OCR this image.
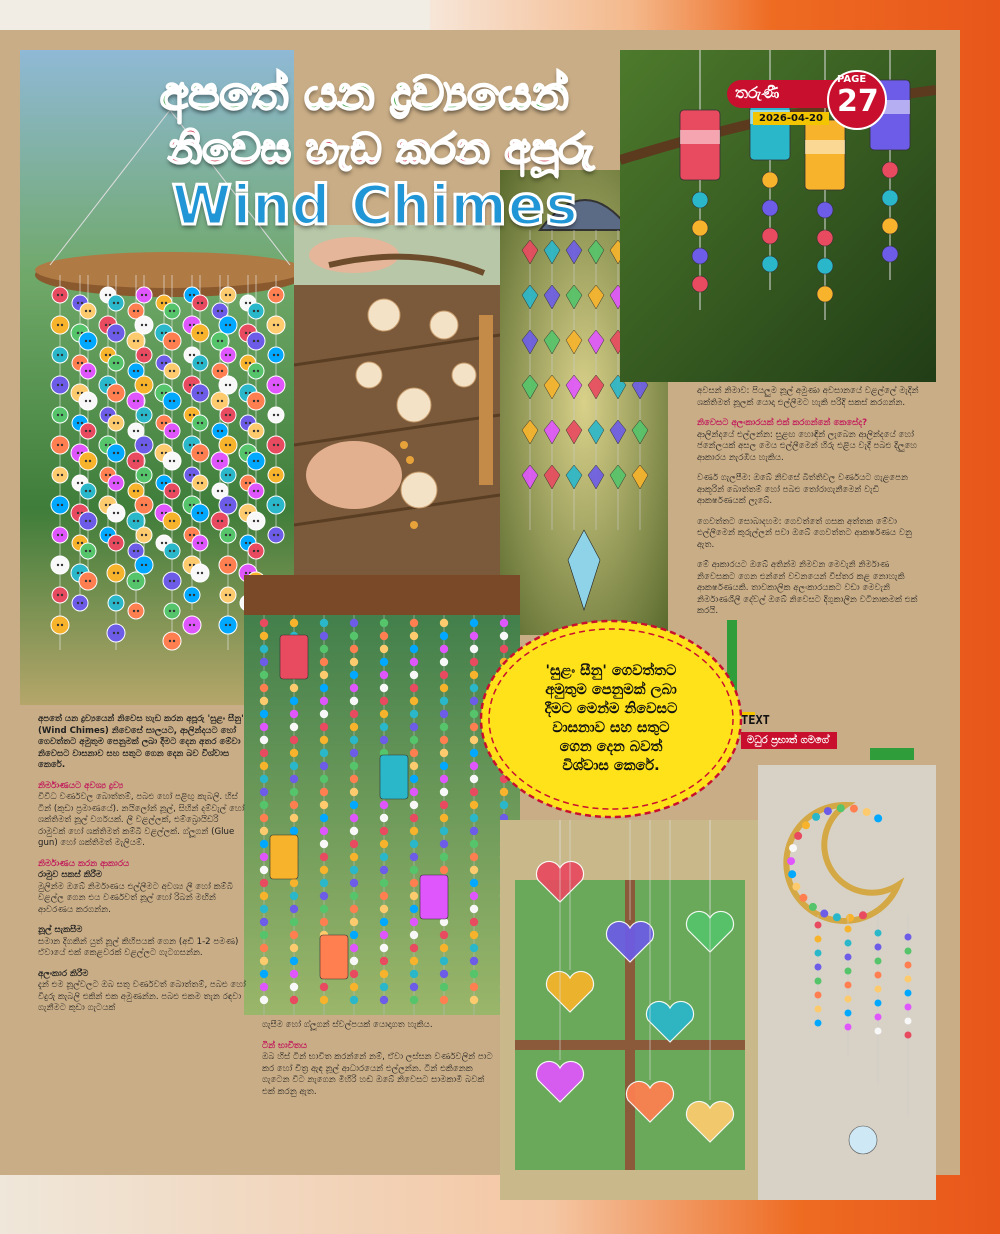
අපතේ යන ද්‍රව්‍යයෙන්
නිවෙස හැඩ කරන අපූරු
Wind Chimes
තරුණී
PAGE
27
2026-04-20

අපතේ යන ද්‍රව්‍යයෙන් නිවෙස හැඩ කරන අපූරු 'සුළං සීනු' (Wind Chimes) නිවෙසේ සාලයට, ආලින්දයට හෝ ගෙවත්තට අමුතුම පෙනුමක් ලබා දීමට දෙන අතර මේවා නිවෙසට වාසනාව සහ සතුට ගෙන දෙන බව විශ්වාස කෙරේ.

නිර්මාණයට අවශ්‍ය ද්‍රව්‍ය

විවිධ වර්ණවල බොත්තම්, පබළු හෝ පළිඟු කැබලි. හිස් ටින් (කුඩා ප්‍රමාණයේ). නයිලෝන් නූල්, සිහින් දම්වැල් හෝ ශක්තිමත් නූල් වර්ගයක්. ලී වළල්ලක්, එම්බ්‍රොයිඩරි රාමුවක් හෝ ශක්තිමත් කම්බි වළල්ලක්. ග්ලූගන් (Glue gun) හෝ ශක්තිමත් මැලියම්.

නිර්මාණය කරන ආකාරය
රාමුව සකස් කිරීම

මුලින්ම ඔබේ නිර්මාණය එල්ලීමට අවශ්‍ය ලී හෝ කම්බි වළල්ල ගෙන එය වර්ණවත් නූල් හෝ රිබන් මඟින් ආවරණය කරගන්න.

නූල් සැකසීම

සමාන දිගකින් යුත් නූල් කිහිපයක් ගෙන (අඩි 1-2 පමණ) ඒවායේ එක් කෙළවරක් වළල්ලට ගැටගසන්න.

අලංකාර කිරීම

දැන් එම නූල්වලට ඔබ සතු වර්ණවත් බොත්තම්, පබළු හෝ වීදුරු කැබලි එකින් එක අමුණන්න. පබළු එකම තැන රඳවා ගැනීමට කුඩා ගැටයක්

ගැසීම හෝ ග්ලූගන් ස්වල්පයක් යොදාගත හැකිය.

ටින් භාවිතය

ඔබ හිස් ටින් භාවිත කරන්නේ නම්, ඒවා ලස්සන වර්ණවලින් පාට කර හෝ චිත්‍ර ඇඳ නූල් ආධාරයෙන් එල්ලන්න. ටින් එකිනෙක ගැටෙන විට නැගෙන මිහිරි හඬ ඔබේ නිවෙසට සාමකාමී බවක් එක් කරනු ඇත.

අවසන් නිමාව: පියලුම නූල් අමුණා අවසානයේ වළල්ලේ මැදින් ශක්තිමත් නූලක් යොදා එල්ලීමට හැකි පරිදි සකස් කරගන්න.

නිවෙසට අලංකාරයක් එක් කරගන්නේ කෙසේද?

ආලින්දයේ එල්ලන්න: සුළඟ හොඳින් ලැබෙන ආලින්දයේ හෝ ජනේලයක් අසල මෙය එල්ලීමෙන් හිරු එළිය වැදී පබළු දිලුහෙ ආකාරය නැරඹිය හැකිය.

වර්ණ ගැලපීම: ඔබේ නිවසේ බිත්තිවල වර්ණයට ගැළපෙන ආකූරින් බොත්තම් හෝ පබළු තෝරාගැනීමෙන් වැඩි ආකර්ෂණයක් ලැබේ.

ගෙවත්තට සොබාදහම: ගෙවත්තේ ගසක අත්තක මේවා එල්ලීමෙන් කුරුල්ලන් පවා ඔබේ ගෙවත්තට ආකර්ෂණය වනු ඇත.

මේ ආකාරයට ඔබේ අතින්ම නිමවන මෙවැනි නිර්මාණ නිවෙසකට ගෙන එන්නේ වචනයෙන් විස්තර කළ නොහැකි ආකර්ෂණයකි. තාවකාලික අලංකාරයකට වඩා මෙවැනි නිර්මාණශීලී දේවල් ඔබේ නිවෙසට දිගුකාලීන වටිනාකමක් එක් කරයි.

TEXT
මධුර ප්‍රභාත් ගමගේ
'සුළං සීනු' ගෙවත්තට අමුතුම පෙනුමක් ලබා දීමට මෙන්ම නිවෙසට වාසනාව සහ සතුට ගෙන දෙන බවත් විශ්වාස කෙරේ.
